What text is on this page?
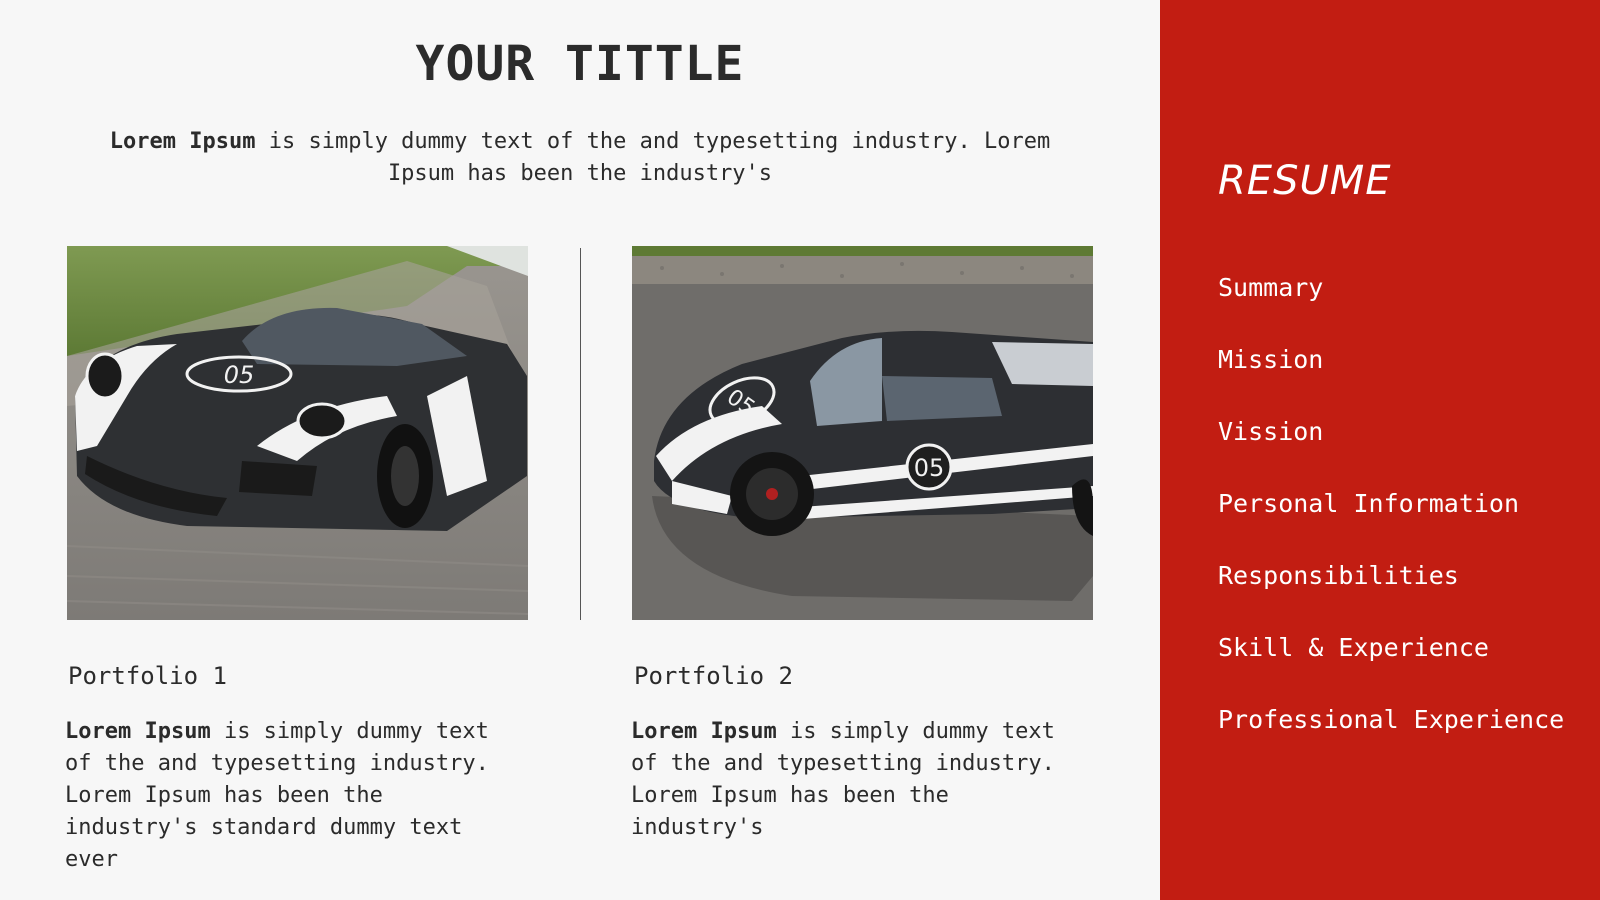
YOUR TITTLE

Lorem Ipsum is simply dummy text of the and typesetting industry. Lorem Ipsum has been the industry's

05
05
05

Portfolio 1	Portfolio 2

Lorem Ipsum is simply dummy text of the and typesetting industry. Lorem Ipsum has been the industry's standard dummy text ever

Lorem Ipsum is simply dummy text of the and typesetting industry. Lorem Ipsum has been the industry's

RESUME
Summary
Mission
Vission
Personal Information
Responsibilities
Skill & Experience
Professional Experience
